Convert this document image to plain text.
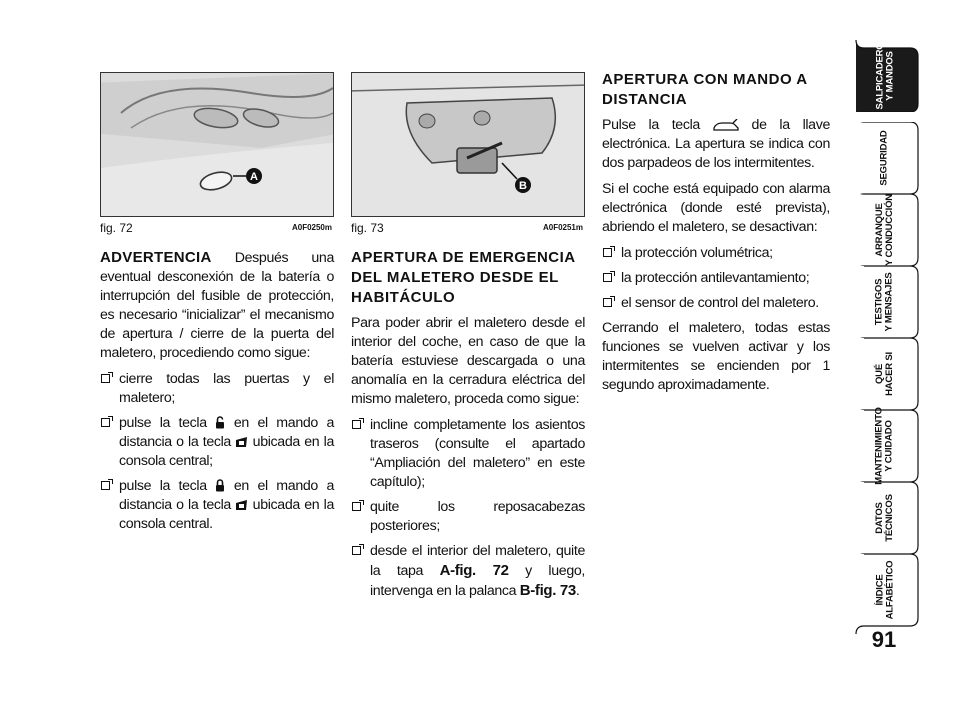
A
fig. 72	A0F0250m
B
fig. 73	A0F0251m

ADVERTENCIA Después una eventual desconexión de la batería o interrupción del fusible de protección, es necesario “inicializar” el mecanismo de apertura / cierre de la puerta del maletero, procediendo como sigue:

cierre todas las puertas y el maletero;
pulse la tecla en el mando a distancia o la tecla ubicada en la consola central;
pulse la tecla en el mando a distancia o la tecla ubicada en la consola central.
APERTURA DE EMERGENCIA DEL MALETERO DESDE EL HABITÁCULO

Para poder abrir el maletero desde el interior del coche, en caso de que la batería estuviese descargada o una anomalía en la cerradura eléctrica del mismo maletero, proceda como sigue:

incline completamente los asientos traseros (consulte el apartado “Ampliación del maletero” en este capítulo);
quite los reposacabezas posteriores;
desde el interior del maletero, quite la tapa A-fig. 72 y luego, intervenga en la palanca B-fig. 73.
APERTURA CON MANDO A DISTANCIA

Pulse la tecla	de la llave electrónica. La apertura se indica con dos parpadeos de los intermitentes.

Si el coche está equipado con alarma electrónica (donde esté prevista), abriendo el maletero, se desactivan:

la protección volumétrica;
la protección antilevantamiento;
el sensor de control del maletero.

Cerrando el maletero, todas estas funciones se vuelven activar y los intermitentes se encienden por 1 segundo aproximadamente.

SALPICADERO
Y MANDOS
SEGURIDAD
ARRANQUE
Y CONDUCCIÓN
TESTIGOS
Y MENSAJES
QUÉ
HACER SI
MANTENIMIENTO
Y CUIDADO
DATOS
TÉCNICOS
ÍNDICE
ALFABÉTICO
91
